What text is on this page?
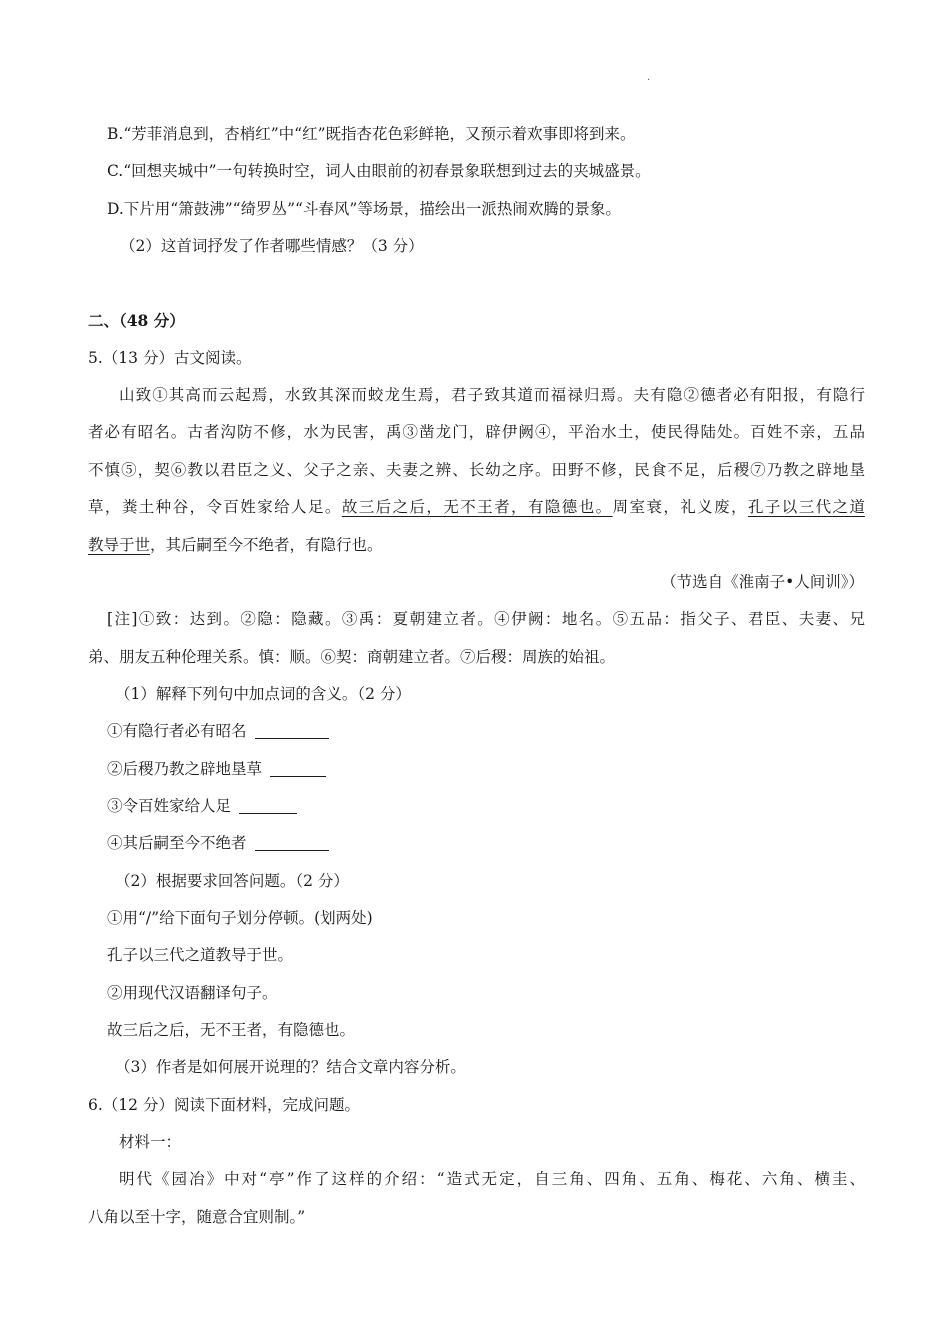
.
B.“芳菲消息到，杏梢红”中“红”既指杏花色彩鲜艳，又预示着欢事即将到来。
C.“回想夹城中”一句转换时空，词人由眼前的初春景象联想到过去的夹城盛景。
D.下片用“箫鼓沸”“绮罗丛”“斗春风”等场景，描绘出一派热闹欢腾的景象。
（2）这首词抒发了作者哪些情感？（3 分）
二、（48 分）
5.（13 分）古文阅读。
山致①其高而云起焉，水致其深而蛟龙生焉，君子致其道而福禄归焉。夫有隐②德者必有阳报，有隐行
者必有昭名。古者沟防不修，水为民害，禹③凿龙门，辟伊阙④，平治水土，使民得陆处。百姓不亲，五品
不慎⑤，契⑥教以君臣之义、父子之亲、夫妻之辨、长幼之序。田野不修，民食不足，后稷⑦乃教之辟地垦
草，粪土种谷，令百姓家给人足。故三后之后，无不王者，有隐德也。周室衰，礼义废，孔子以三代之道
教导于世，其后嗣至今不绝者，有隐行也。
（节选自《淮南子•人间训》）
[注]①致：达到。②隐：隐藏。③禹：夏朝建立者。④伊阙：地名。⑤五品：指父子、君臣、夫妻、兄
弟、朋友五种伦理关系。慎：顺。⑥契：商朝建立者。⑦后稷：周族的始祖。
（1）解释下列句中加点词的含义。（2 分）
①有隐行者必有昭名
②后稷乃教之辟地垦草
③令百姓家给人足
④其后嗣至今不绝者
（2）根据要求回答问题。（2 分）
①用“/”给下面句子划分停顿。(划两处)
孔子以三代之道教导于世。
②用现代汉语翻译句子。
故三后之后，无不王者，有隐德也。
（3）作者是如何展开说理的？结合文章内容分析。
6.（12 分）阅读下面材料，完成问题。
材料一：
明代《园冶》中对“亭”作了这样的介绍：“造式无定，自三角、四角、五角、梅花、六角、横圭、
八角以至十字，随意合宜则制。”
